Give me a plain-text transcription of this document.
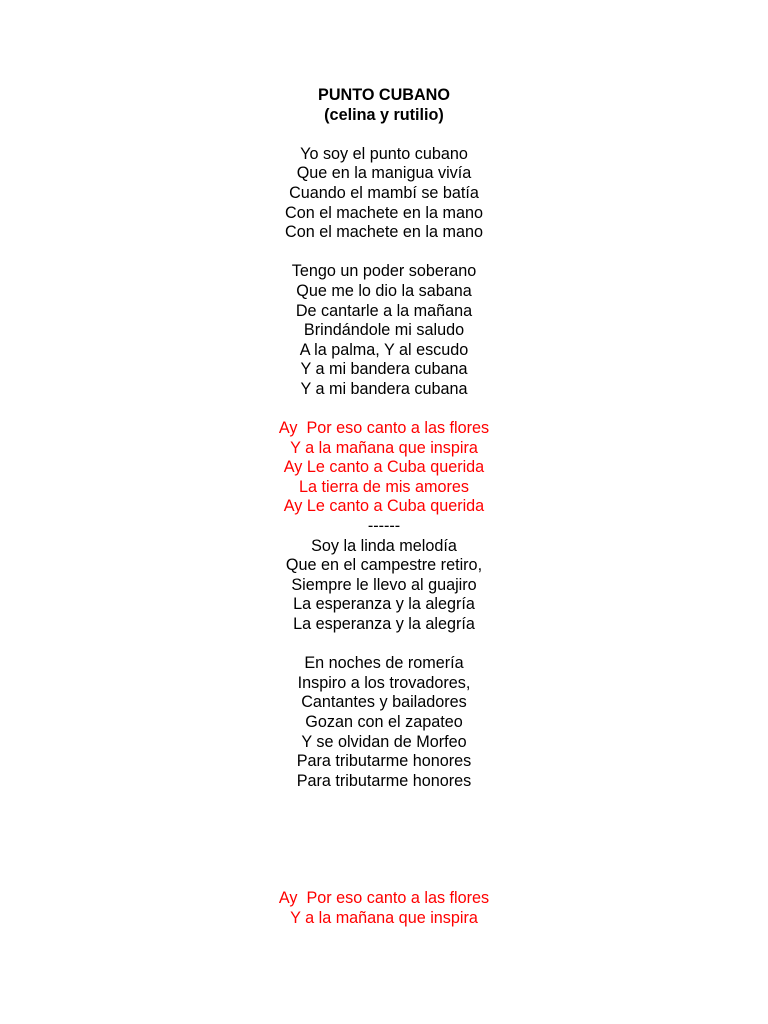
PUNTO CUBANO
(celina y rutilio)
Yo soy el punto cubano
Que en la manigua vivía
Cuando el mambí se batía
Con el machete en la mano
Con el machete en la mano
Tengo un poder soberano
Que me lo dio la sabana
De cantarle a la mañana
Brindándole mi saludo
A la palma, Y al escudo
Y a mi bandera cubana
Y a mi bandera cubana
Ay  Por eso canto a las flores
Y a la mañana que inspira
Ay Le canto a Cuba querida
La tierra de mis amores
Ay Le canto a Cuba querida
------
Soy la linda melodía
Que en el campestre retiro,
Siempre le llevo al guajiro
La esperanza y la alegría
La esperanza y la alegría
En noches de romería
Inspiro a los trovadores,
Cantantes y bailadores
Gozan con el zapateo
Y se olvidan de Morfeo
Para tributarme honores
Para tributarme honores
Ay  Por eso canto a las flores
Y a la mañana que inspira
